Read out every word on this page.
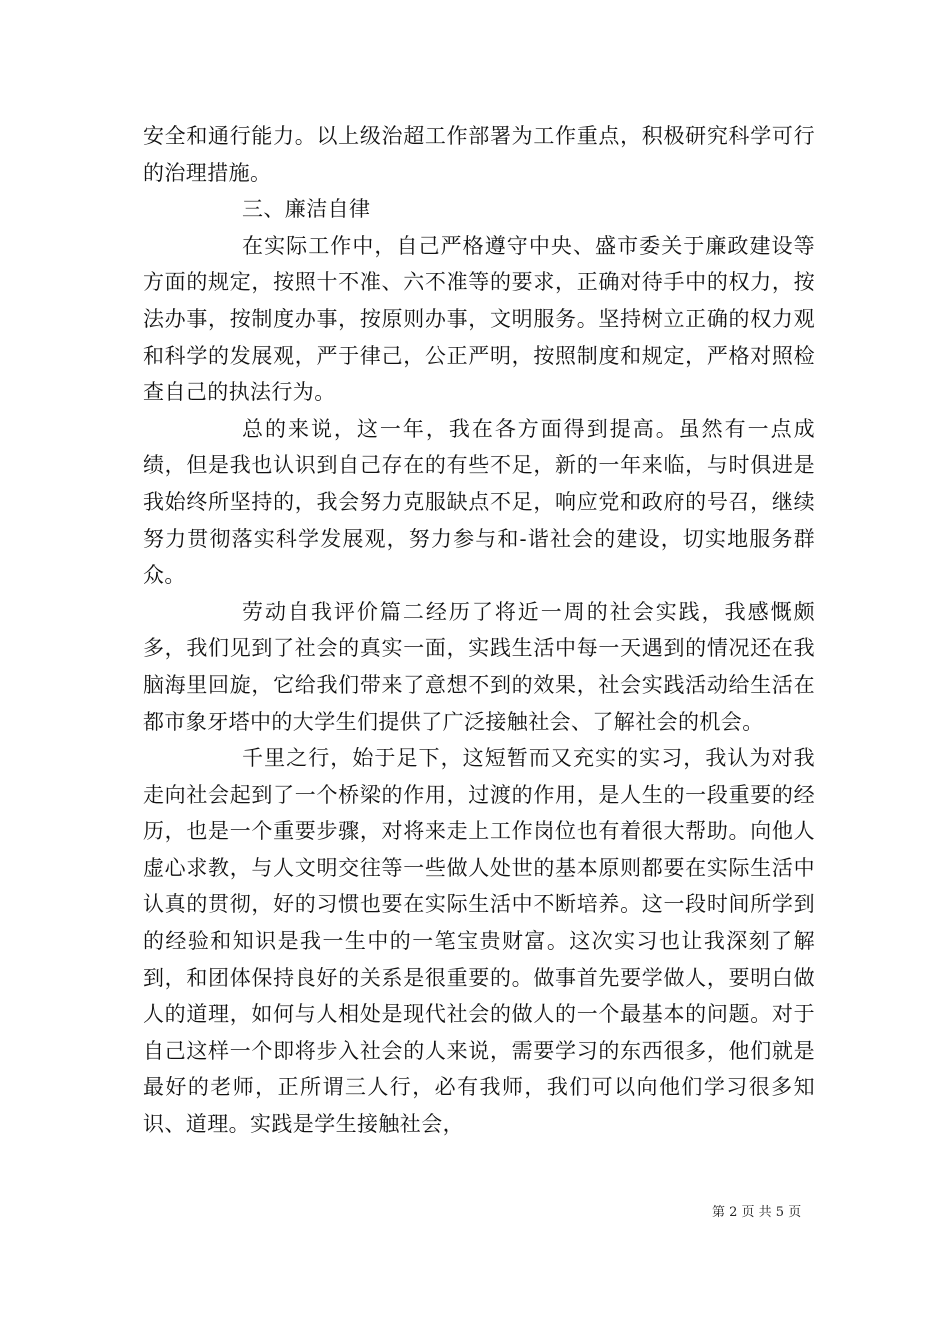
安全和通行能力。以上级治超工作部署为工作重点，积极研究科学可行的治理措施。

三、廉洁自律

在实际工作中，自己严格遵守中央、盛市委关于廉政建设等方面的规定，按照十不准、六不准等的要求，正确对待手中的权力，按法办事，按制度办事，按原则办事，文明服务。坚持树立正确的权力观和科学的发展观，严于律己，公正严明，按照制度和规定，严格对照检查自己的执法行为。

总的来说，这一年，我在各方面得到提高。虽然有一点成绩，但是我也认识到自己存在的有些不足，新的一年来临，与时俱进是我始终所坚持的，我会努力克服缺点不足，响应党和政府的号召，继续努力贯彻落实科学发展观，努力参与和-谐社会的建设，切实地服务群众。

劳动自我评价篇二经历了将近一周的社会实践，我感慨颇多，我们见到了社会的真实一面，实践生活中每一天遇到的情况还在我脑海里回旋，它给我们带来了意想不到的效果，社会实践活动给生活在都市象牙塔中的大学生们提供了广泛接触社会、了解社会的机会。

千里之行，始于足下，这短暂而又充实的实习，我认为对我走向社会起到了一个桥梁的作用，过渡的作用，是人生的一段重要的经历，也是一个重要步骤，对将来走上工作岗位也有着很大帮助。向他人虚心求教，与人文明交往等一些做人处世的基本原则都要在实际生活中认真的贯彻，好的习惯也要在实际生活中不断培养。这一段时间所学到的经验和知识是我一生中的一笔宝贵财富。这次实习也让我深刻了解到，和团体保持良好的关系是很重要的。做事首先要学做人，要明白做人的道理，如何与人相处是现代社会的做人的一个最基本的问题。对于自己这样一个即将步入社会的人来说，需要学习的东西很多，他们就是最好的老师，正所谓三人行，必有我师，我们可以向他们学习很多知识、道理。实践是学生接触社会，

第 2 页 共 5 页
